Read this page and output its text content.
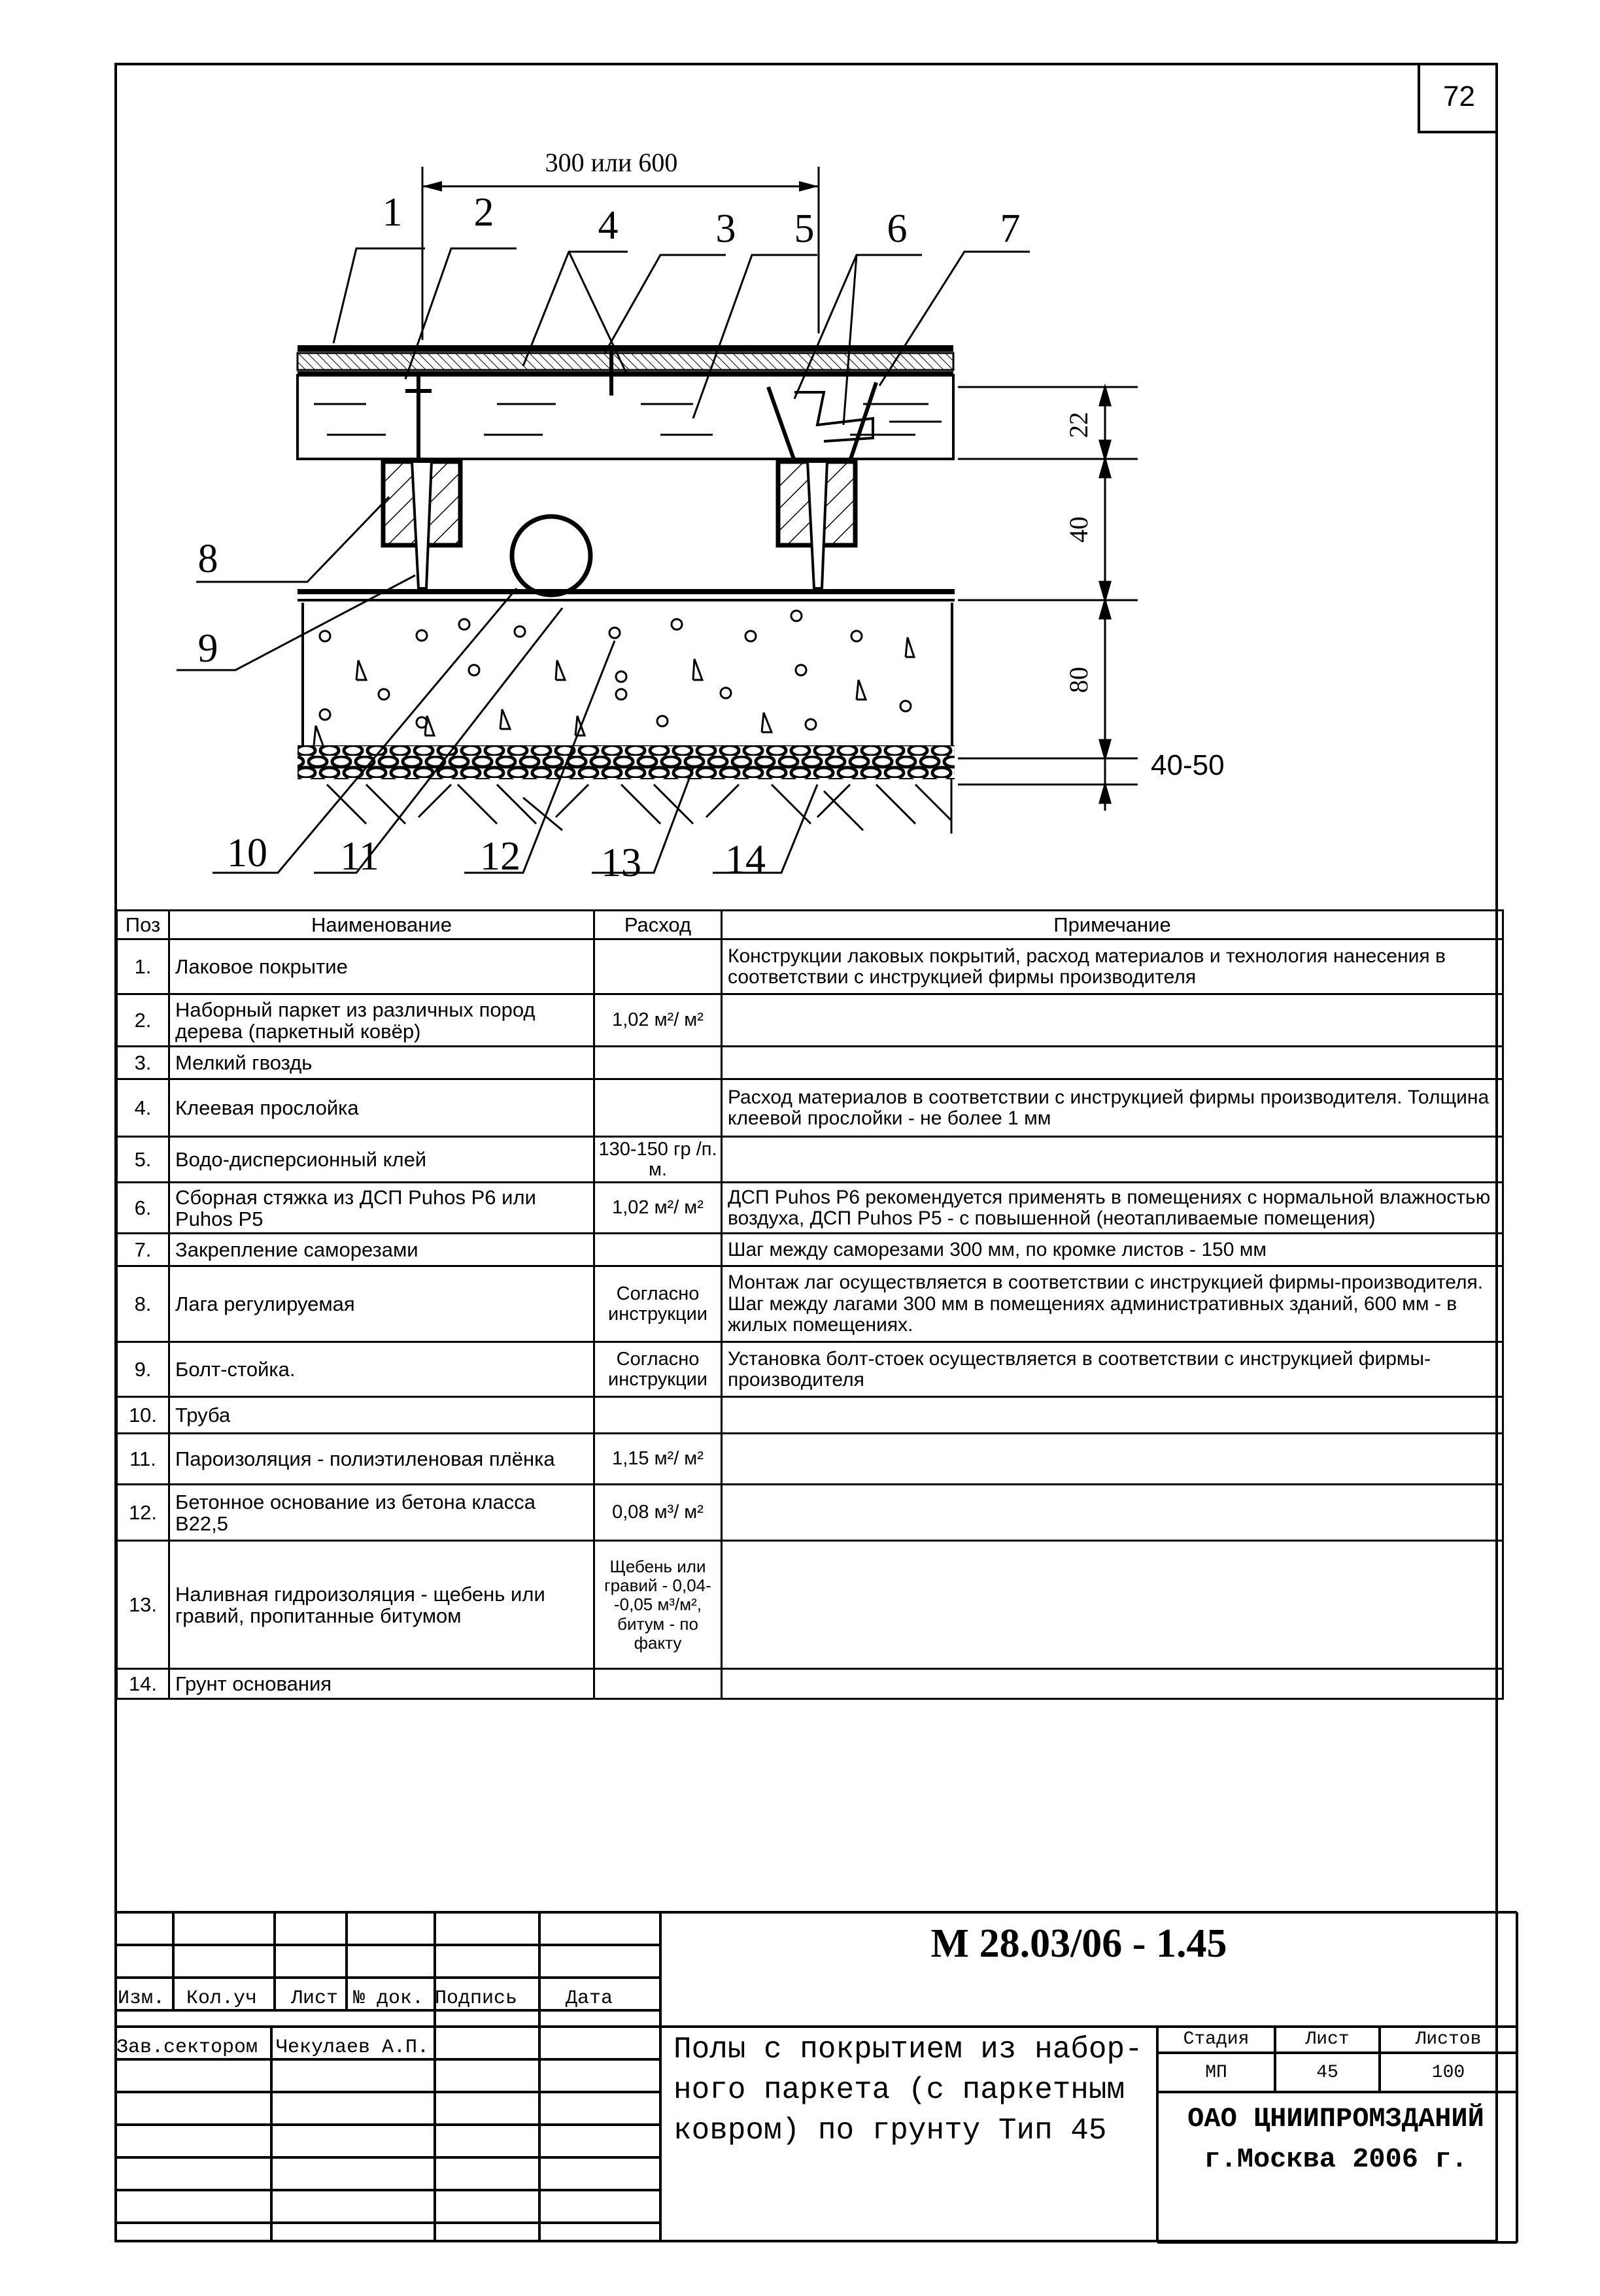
72
300 или 600
22
40
80
40-50
1 2	4 3 5 6 7
8
9
10 11 12 13 14
Поз	Наименование	Расход	Примечание
1.	Лаковое покрытие		Конструкции лаковых покрытий, расход материалов и технология нанесения в соответствии с инструкцией фирмы производителя
2.	Наборный паркет из различных пород дерева (паркетный ковёр)	1,02 м²/ м²	
3.	Мелкий гвоздь		
4.	Клеевая прослойка		Расход материалов в соответствии с инструкцией фирмы производителя. Толщина клеевой прослойки - не более 1 мм
5.	Водо-дисперсионный клей	130-150 гр /п. м.	
6.	Сборная стяжка из ДСП Puhos P6 или Puhos P5	1,02 м²/ м²	ДСП Puhos P6 рекомендуется применять в помещениях с нормальной влажностью воздуха, ДСП Puhos P5 - с повышенной (неотапливаемые помещения)
7.	Закрепление саморезами		Шаг между саморезами 300 мм, по кромке листов - 150 мм
8.	Лага регулируемая	Согласно инструкции	Монтаж лаг осуществляется в соответствии с инструкцией фирмы-производителя. Шаг между лагами 300 мм в помещениях административных зданий, 600 мм - в жилых помещениях.
9.	Болт-стойка.	Согласно инструкции	Установка болт-стоек осуществляется в соответствии с инструкцией фирмы-производителя
10.	Труба		
11.	Пароизоляция - полиэтиленовая плёнка	1,15 м²/ м²	
12.	Бетонное основание из бетона класса В22,5	0,08 м³/ м²	
13.	Наливная гидроизоляция - щебень или гравий, пропитанные битумом	Щебень или гравий - 0,04--0,05 м³/м², битум - по факту	
14.	Грунт основания		
М 28.03/06 - 1.45
Изм. Кол.уч Лист № док. Подпись Дата
Зав.сектором Чекулаев А.П.	Полы с покрытием из набор-
ного паркета (с паркетным
ковром) по грунту Тип 45
Стадия	Лист	Листов
МП	45	100
ОАО ЦНИИПРОМЗДАНИЙ
г.Москва 2006 г.
